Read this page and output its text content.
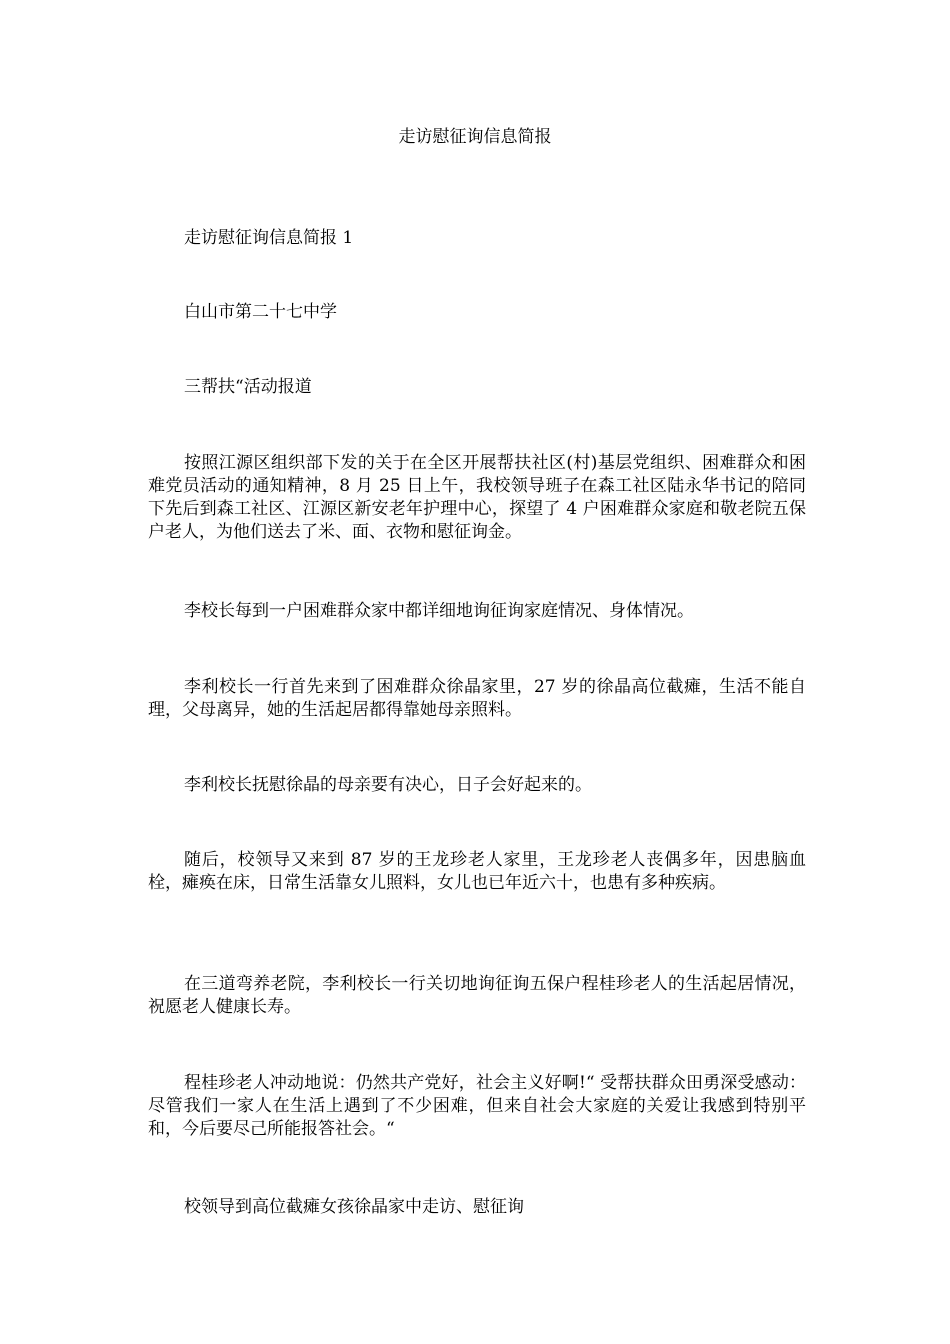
走访慰征询信息简报

走访慰征询信息简报 1

白山市第二十七中学

三帮扶“活动报道

按照江源区组织部下发的关于在全区开展帮扶社区(村)基层党组织、困难群众和困难党员活动的通知精神，8 月 25 日上午，我校领导班子在森工社区陆永华书记的陪同下先后到森工社区、江源区新安老年护理中心，探望了 4 户困难群众家庭和敬老院五保户老人，为他们送去了米、面、衣物和慰征询金。

李校长每到一户困难群众家中都详细地询征询家庭情况、身体情况。

李利校长一行首先来到了困难群众徐晶家里，27 岁的徐晶高位截瘫，生活不能自理，父母离异，她的生活起居都得靠她母亲照料。

李利校长抚慰徐晶的母亲要有决心，日子会好起来的。

随后，校领导又来到 87 岁的王龙珍老人家里，王龙珍老人丧偶多年，因患脑血栓，瘫痪在床，日常生活靠女儿照料，女儿也已年近六十，也患有多种疾病。

在三道弯养老院，李利校长一行关切地询征询五保户程桂珍老人的生活起居情况，祝愿老人健康长寿。

程桂珍老人冲动地说：仍然共产党好，社会主义好啊!“ 受帮扶群众田勇深受感动：尽管我们一家人在生活上遇到了不少困难，但来自社会大家庭的关爱让我感到特别平和，今后要尽己所能报答社会。“

校领导到高位截瘫女孩徐晶家中走访、慰征询
